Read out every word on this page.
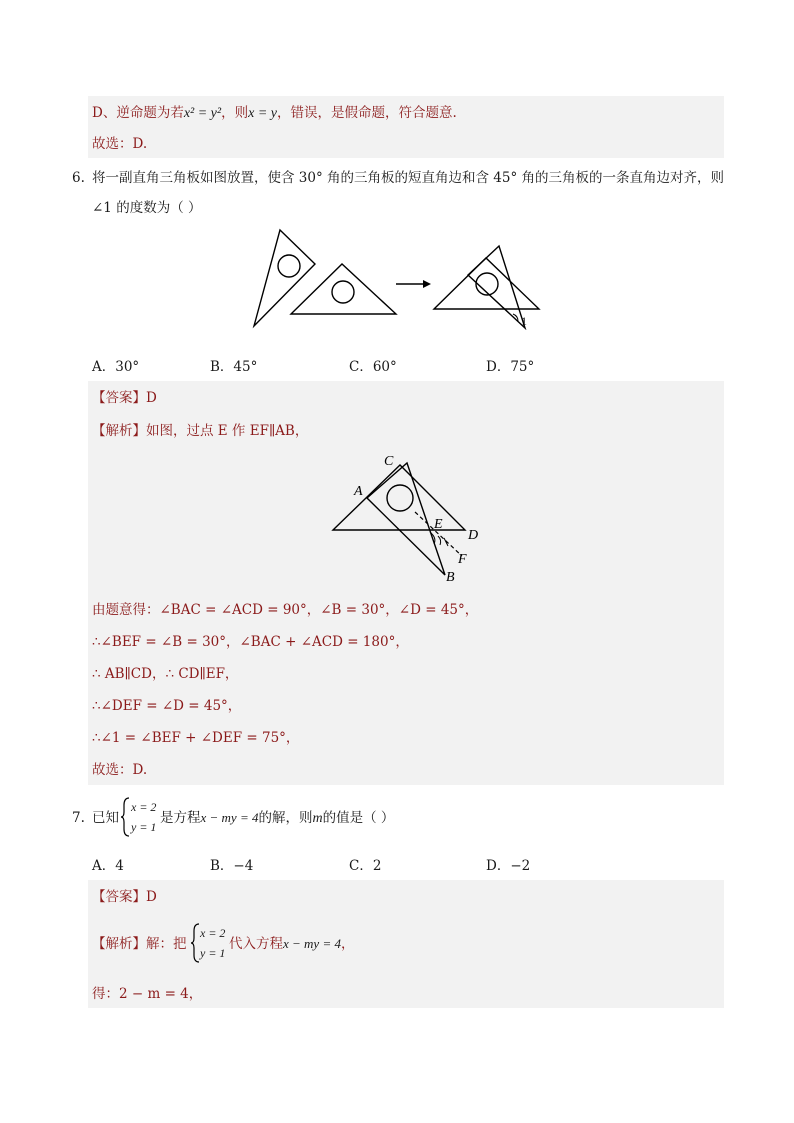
D、逆命题为若x² = y²，则x = y，错误，是假命题，符合题意.
故选：D.
6. 将一副直角三角板如图放置，使含 30° 角的三角板的短直角边和含 45° 角的三角板的一条直角边对齐，则
∠1 的度数为（ ）
1
A．30°	B．45°	C．60°	D．75°
【答案】D
【解析】如图，过点 E 作 EF∥AB，
A
C
E
D
F
B
由题意得：∠BAC = ∠ACD = 90°，∠B = 30°，∠D = 45°，
∴∠BEF = ∠B = 30°，∠BAC + ∠ACD = 180°，
∴ AB∥CD，∴ CD∥EF，
∴∠DEF = ∠D = 45°，
∴∠1 = ∠BEF + ∠DEF = 75°，
故选：D.
7. 已知
x = 2
y = 1
是方程x − my = 4的解，则m的值是（ ）
A．4	B．−4	C．2	D．−2
【答案】D
【解析】解：把
x = 2
y = 1
代入方程x − my = 4，
得：2 − m = 4，
